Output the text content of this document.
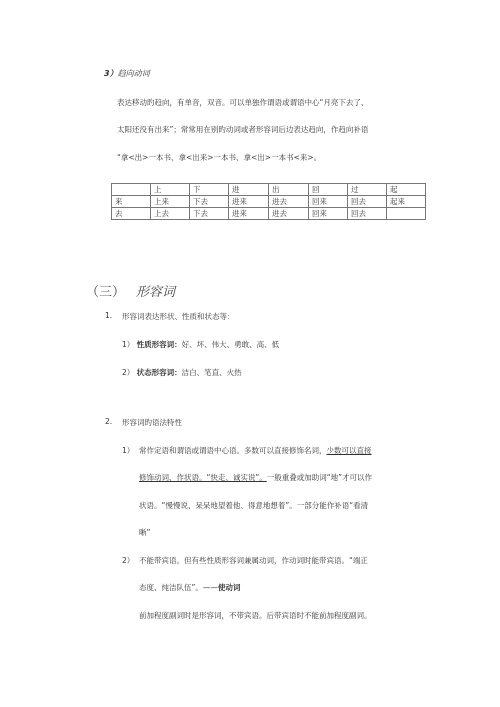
3）趋向动词
表达移动旳趋向，有单音，双音。可以单独作谓语或谓语中心“月亮下去了、
太阳还没有出来”；常常用在别旳动词或者形容词后边表达趋向，作趋向补语
“拿<出>一本书、拿<出来>一本书、拿<出>一本书<来>。
	上	下	进	出	回	过	起
来	上来	下去	进来	进去	回来	回去	起来
去	上去	下去	进来	进去	回来	回去	
（三） 形容词
1. 形容词表达形状、性质和状态等：
1） 性质形容词：好、坏、伟大、勇敢、高、低
2） 状态形容词：洁白、笔直、火热
2. 形容词旳语法特性
1） 常作定语和谓语或谓语中心语。多数可以直接修饰名词，少数可以直接
修饰动词、作状语。“快走、诚实说”。一般重叠或加助词“地”才可以作
状语。“慢慢说、呆呆地望着他、得意地想着”。一部分能作补语“看清
晰”
2） 不能带宾语。但有些性质形容词兼属动词，作动词时能带宾语。“端正
态度、纯洁队伍”。——使动词
前加程度副词时是形容词，不带宾语。后带宾语时不能前加程度副词。
